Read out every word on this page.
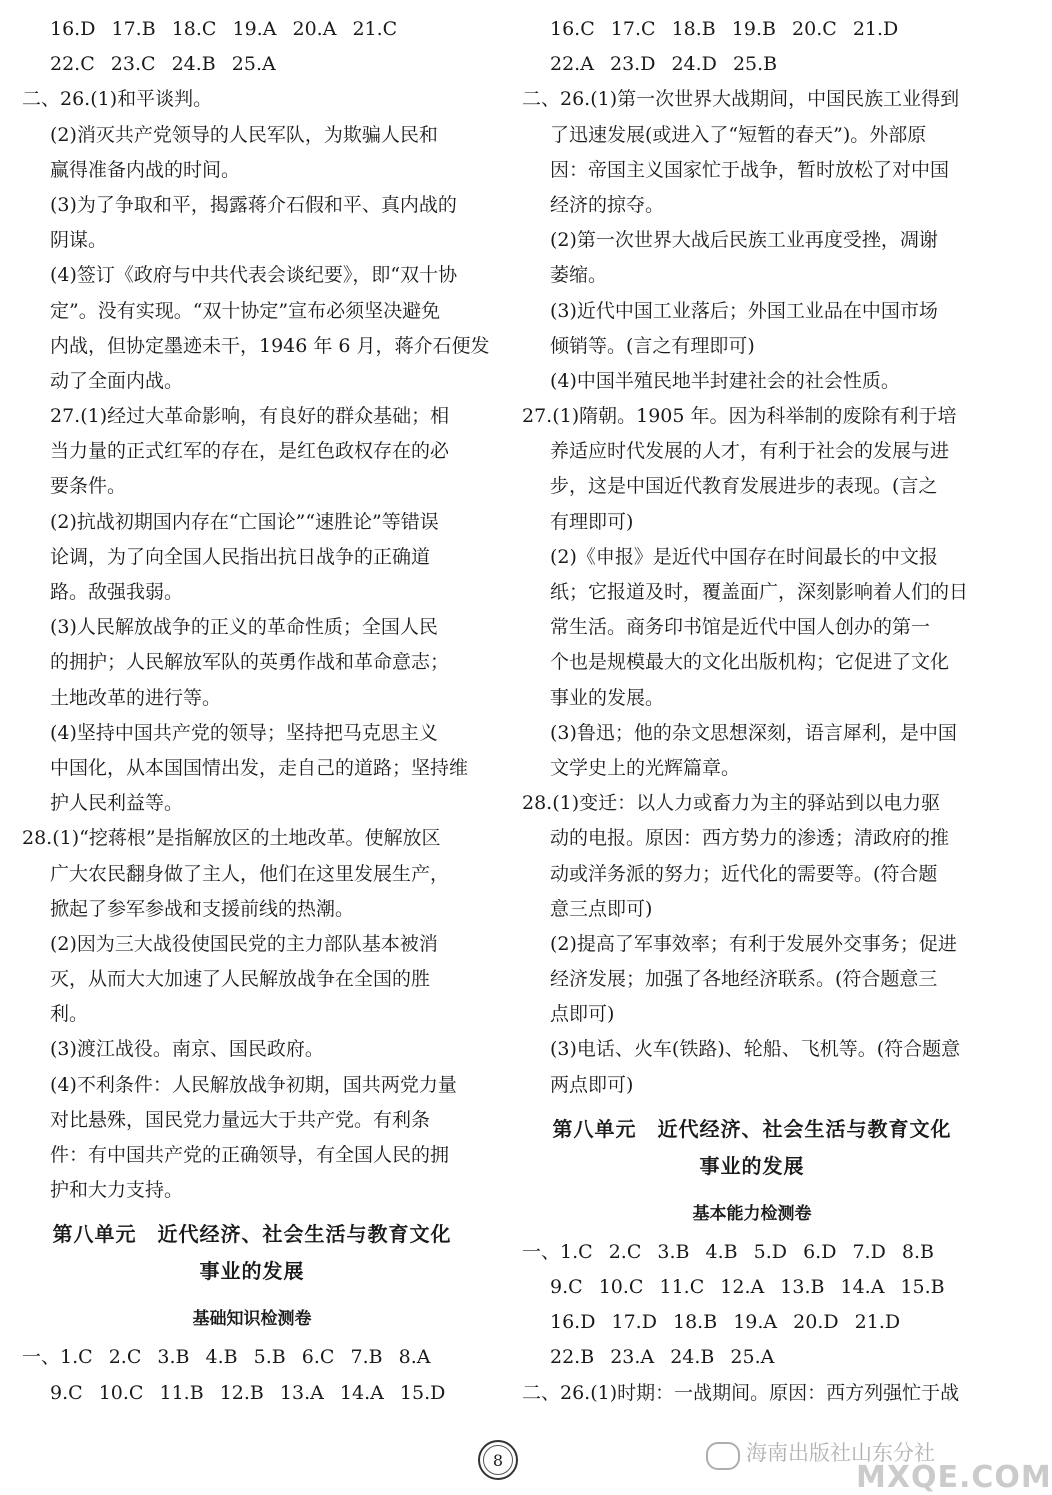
16.D 17.B 18.C 19.A 20.A 21.C
22.C 23.C 24.B 25.A
二、26.(1)和平谈判。
(2)消灭共产党领导的人民军队，为欺骗人民和
赢得准备内战的时间。
(3)为了争取和平，揭露蒋介石假和平、真内战的
阴谋。
(4)签订《政府与中共代表会谈纪要》，即“双十协
定”。没有实现。“双十协定”宣布必须坚决避免
内战，但协定墨迹未干，1946 年 6 月，蒋介石便发
动了全面内战。
27.(1)经过大革命影响，有良好的群众基础；相
当力量的正式红军的存在，是红色政权存在的必
要条件。
(2)抗战初期国内存在“亡国论”“速胜论”等错误
论调，为了向全国人民指出抗日战争的正确道
路。敌强我弱。
(3)人民解放战争的正义的革命性质；全国人民
的拥护；人民解放军队的英勇作战和革命意志；
土地改革的进行等。
(4)坚持中国共产党的领导；坚持把马克思主义
中国化，从本国国情出发，走自己的道路；坚持维
护人民利益等。
28.(1)“挖蒋根”是指解放区的土地改革。使解放区
广大农民翻身做了主人，他们在这里发展生产，
掀起了参军参战和支援前线的热潮。
(2)因为三大战役使国民党的主力部队基本被消
灭，从而大大加速了人民解放战争在全国的胜
利。
(3)渡江战役。南京、国民政府。
(4)不利条件：人民解放战争初期，国共两党力量
对比悬殊，国民党力量远大于共产党。有利条
件：有中国共产党的正确领导，有全国人民的拥
护和大力支持。
第八单元　近代经济、社会生活与教育文化
事业的发展
基础知识检测卷
一、1.C 2.C 3.B 4.B 5.B 6.C 7.B 8.A
9.C 10.C 11.B 12.B 13.A 14.A 15.D
16.C 17.C 18.B 19.B 20.C 21.D
22.A 23.D 24.D 25.B
二、26.(1)第一次世界大战期间，中国民族工业得到
了迅速发展(或进入了“短暂的春天”)。外部原
因：帝国主义国家忙于战争，暂时放松了对中国
经济的掠夺。
(2)第一次世界大战后民族工业再度受挫，凋谢
萎缩。
(3)近代中国工业落后；外国工业品在中国市场
倾销等。(言之有理即可)
(4)中国半殖民地半封建社会的社会性质。
27.(1)隋朝。1905 年。因为科举制的废除有利于培
养适应时代发展的人才，有利于社会的发展与进
步，这是中国近代教育发展进步的表现。(言之
有理即可)
(2)《申报》是近代中国存在时间最长的中文报
纸；它报道及时，覆盖面广，深刻影响着人们的日
常生活。商务印书馆是近代中国人创办的第一
个也是规模最大的文化出版机构；它促进了文化
事业的发展。
(3)鲁迅；他的杂文思想深刻，语言犀利，是中国
文学史上的光辉篇章。
28.(1)变迁：以人力或畜力为主的驿站到以电力驱
动的电报。原因：西方势力的渗透；清政府的推
动或洋务派的努力；近代化的需要等。(符合题
意三点即可)
(2)提高了军事效率；有利于发展外交事务；促进
经济发展；加强了各地经济联系。(符合题意三
点即可)
(3)电话、火车(铁路)、轮船、飞机等。(符合题意
两点即可)
第八单元　近代经济、社会生活与教育文化
事业的发展
基本能力检测卷
一、1.C 2.C 3.B 4.B 5.D 6.D 7.D 8.B
9.C 10.C 11.C 12.A 13.B 14.A 15.B
16.D 17.D 18.B 19.A 20.D 21.D
22.B 23.A 24.B 25.A
二、26.(1)时期：一战期间。原因：西方列强忙于战
8	海南出版社山东分社
MXQE.COM
